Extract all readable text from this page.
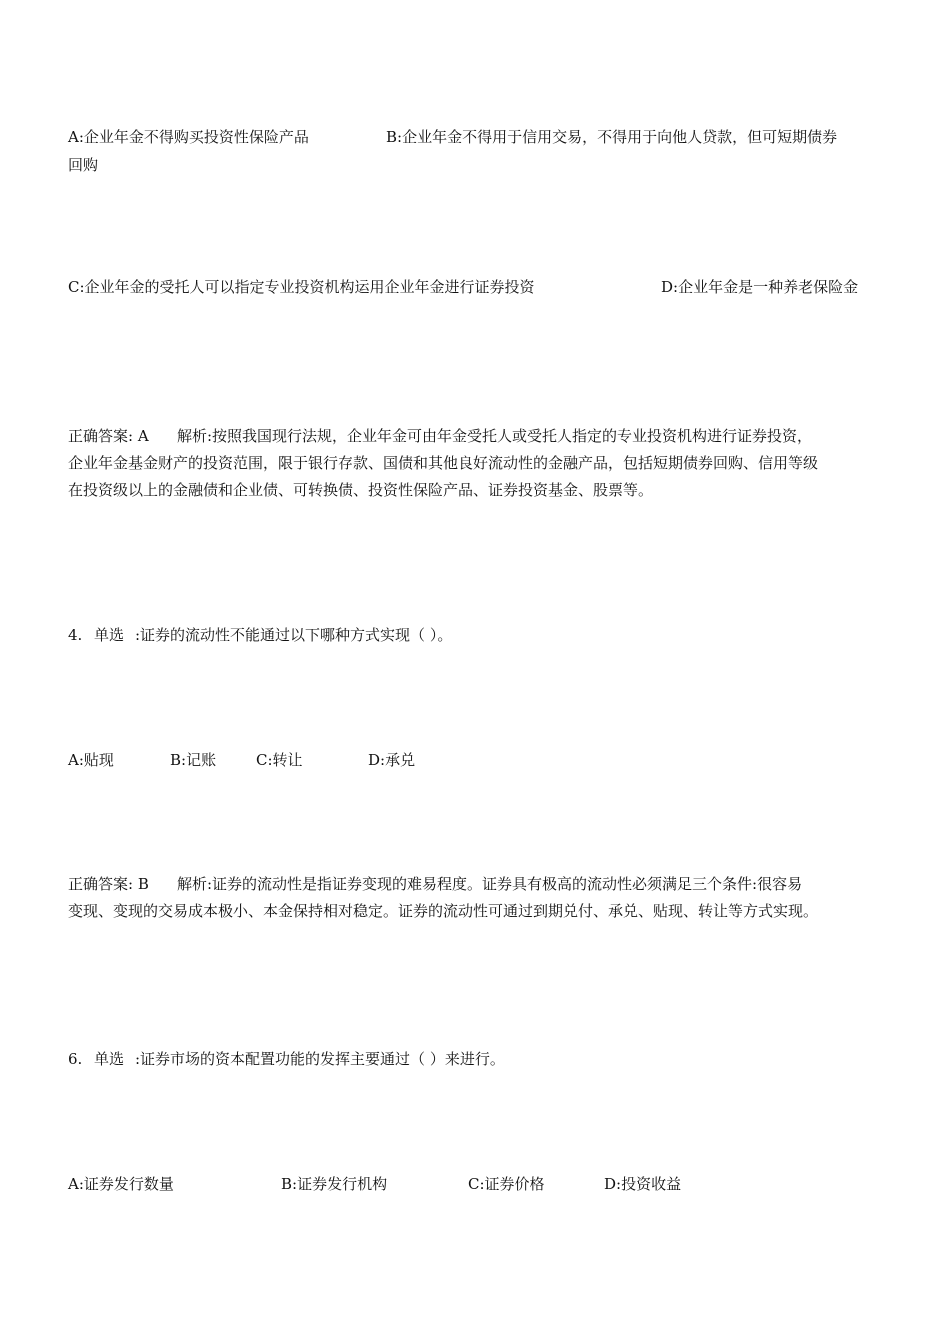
A:企业年金不得购买投资性保险产品	B:企业年金不得用于信用交易，不得用于向他人贷款，但可短期债券
回购
C:企业年金的受托人可以指定专业投资机构运用企业年金进行证券投资	D:企业年金是一种养老保险金
正确答案: A 解析:按照我国现行法规，企业年金可由年金受托人或受托人指定的专业投资机构进行证券投资，
企业年金基金财产的投资范围，限于银行存款、国债和其他良好流动性的金融产品，包括短期债券回购、信用等级
在投资级以上的金融债和企业债、可转换债、投资性保险产品、证券投资基金、股票等。
4. 单选 :证券的流动性不能通过以下哪种方式实现（ ）。
A:贴现	B:记账	C:转让	D:承兑
正确答案: B 解析:证券的流动性是指证券变现的难易程度。证券具有极高的流动性必须满足三个条件:很容易
变现、变现的交易成本极小、本金保持相对稳定。证券的流动性可通过到期兑付、承兑、贴现、转让等方式实现。
6. 单选 :证券市场的资本配置功能的发挥主要通过（ ）来进行。
A:证券发行数量	B:证券发行机构	C:证券价格	D:投资收益
